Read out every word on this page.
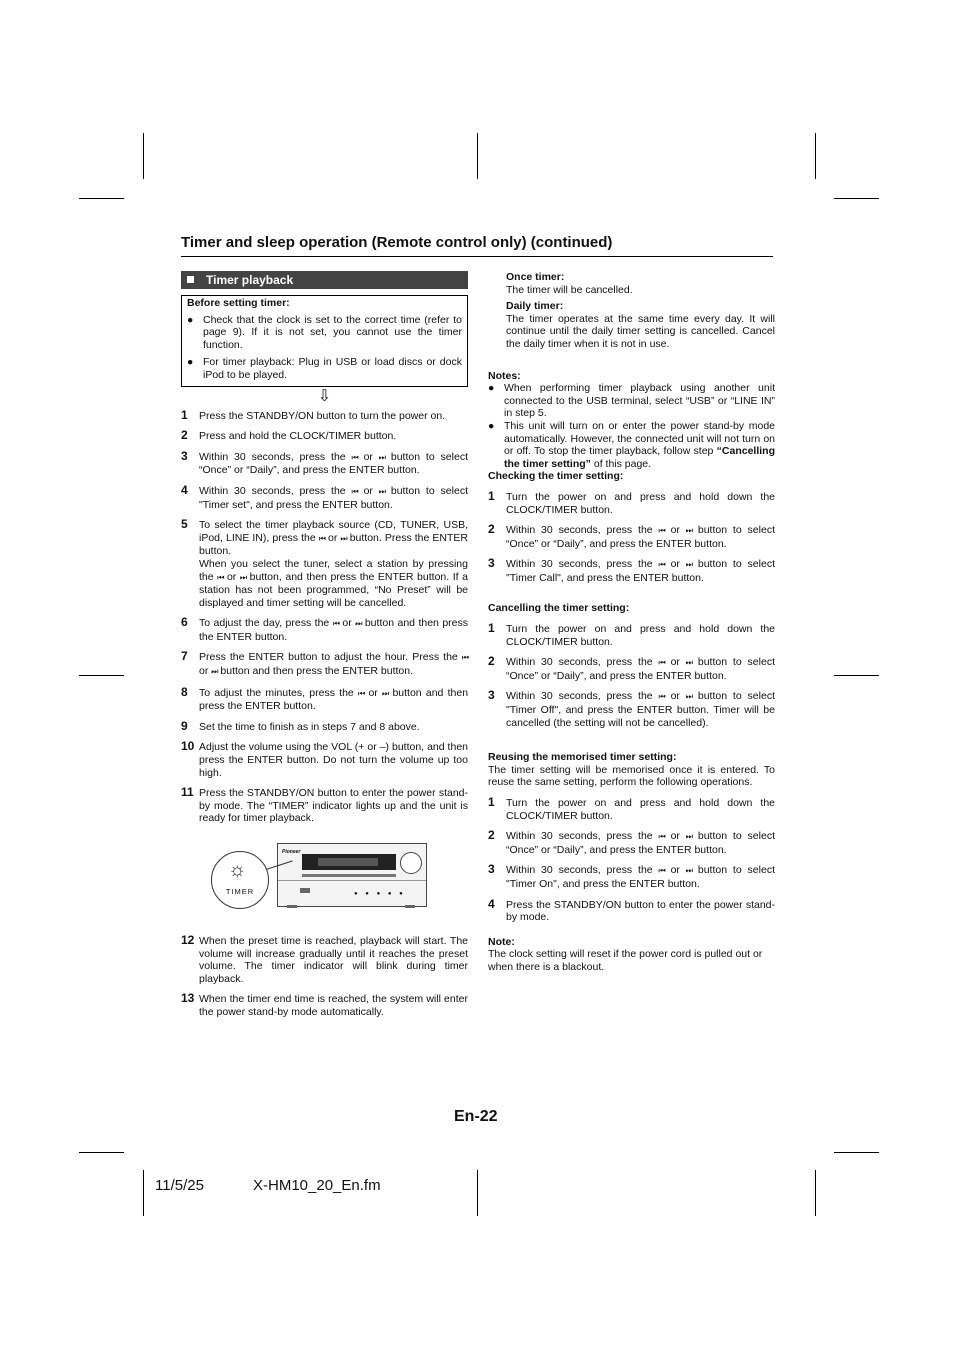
Timer and sleep operation (Remote control only) (continued)
Timer playback
Before setting timer:
● Check that the clock is set to the correct time (refer to page 9). If it is not set, you cannot use the timer function.
● For timer playback: Plug in USB or load discs or dock iPod to be played.
⇩
1 Press the STANDBY/ON button to turn the power on.
2 Press and hold the CLOCK/TIMER button.
3 Within 30 seconds, press the ⏮ or ⏭ button to select “Once” or “Daily”, and press the ENTER button.
4 Within 30 seconds, press the ⏮ or ⏭ button to select "Timer set", and press the ENTER button.
5 To select the timer playback source (CD, TUNER, USB, iPod, LINE IN), press the ⏮ or ⏭ button. Press the ENTER button.
When you select the tuner, select a station by pressing the ⏮ or ⏭ button, and then press the ENTER button. If a station has not been programmed, “No Preset” will be displayed and timer setting will be cancelled.
6 To adjust the day, press the ⏮ or ⏭ button and then press the ENTER button.
7 Press the ENTER button to adjust the hour. Press the ⏮ or ⏭ button and then press the ENTER button.
8 To adjust the minutes, press the ⏮ or ⏭ button and then press the ENTER button.
9 Set the time to finish as in steps 7 and 8 above.
10 Adjust the volume using the VOL (+ or –) button, and then press the ENTER button. Do not turn the volume up too high.
11 Press the STANDBY/ON button to enter the power stand-by mode. The “TIMER” indicator lights up and the unit is ready for timer playback.
☼
TIMER
Pioneer
● ● ● ● ●
12 When the preset time is reached, playback will start. The volume will increase gradually until it reaches the preset volume. The timer indicator will blink during timer playback.
13 When the timer end time is reached, the system will enter the power stand-by mode automatically.
Once timer:
The timer will be cancelled.
Daily timer:
The timer operates at the same time every day. It will continue until the daily timer setting is cancelled. Cancel the daily timer when it is not in use.
Notes:
● When performing timer playback using another unit connected to the USB terminal, select “USB” or “LINE IN” in step 5.
● This unit will turn on or enter the power stand-by mode automatically. However, the connected unit will not turn on or off. To stop the timer playback, follow step “Cancelling the timer setting” of this page.
Checking the timer setting:
1 Turn the power on and press and hold down the CLOCK/TIMER button.
2 Within 30 seconds, press the ⏮ or ⏭ button to select “Once” or “Daily”, and press the ENTER button.
3 Within 30 seconds, press the ⏮ or ⏭ button to select "Timer Call", and press the ENTER button.
Cancelling the timer setting:
1 Turn the power on and press and hold down the CLOCK/TIMER button.
2 Within 30 seconds, press the ⏮ or ⏭ button to select “Once” or “Daily”, and press the ENTER button.
3 Within 30 seconds, press the ⏮ or ⏭ button to select "Timer Off", and press the ENTER button. Timer will be cancelled (the setting will not be cancelled).
Reusing the memorised timer setting:
The timer setting will be memorised once it is entered. To reuse the same setting, perform the following operations.
1 Turn the power on and press and hold down the CLOCK/TIMER button.
2 Within 30 seconds, press the ⏮ or ⏭ button to select “Once” or “Daily”, and press the ENTER button.
3 Within 30 seconds, press the ⏮ or ⏭ button to select "Timer On", and press the ENTER button.
4 Press the STANDBY/ON button to enter the power stand-by mode.
Note:
The clock setting will reset if the power cord is pulled out or when there is a blackout.
En-22
11/5/25	X-HM10_20_En.fm
